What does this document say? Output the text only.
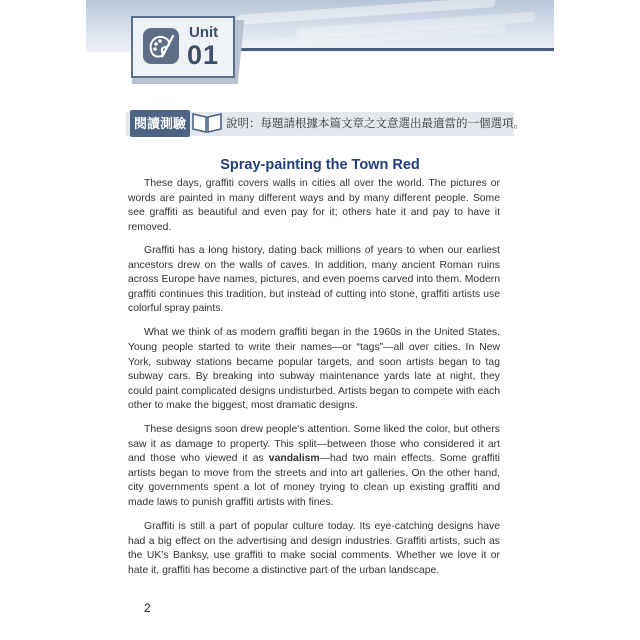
Unit
01
閱讀測驗	說明：每題請根據本篇文章之文意選出最適當的一個選項。
Spray-painting the Town Red

These days, graffiti covers walls in cities all over the world. The pictures or words are painted in many different ways and by many different people. Some see graffiti as beautiful and even pay for it; others hate it and pay to have it removed.

Graffiti has a long history, dating back millions of years to when our earliest ancestors drew on the walls of caves. In addition, many ancient Roman ruins across Europe have names, pictures, and even poems carved into them. Modern graffiti continues this tradition, but instead of cutting into stone, graffiti artists use colorful spray paints.

What we think of as modern graffiti began in the 1960s in the United States. Young people started to write their names—or “tags”—all over cities. In New York, subway stations became popular targets, and soon artists began to tag subway cars. By breaking into subway maintenance yards late at night, they could paint complicated designs undisturbed. Artists began to compete with each other to make the biggest, most dramatic designs.

These designs soon drew people’s attention. Some liked the color, but others saw it as damage to property. This split—between those who considered it art and those who viewed it as vandalism—had two main effects. Some graffiti artists began to move from the streets and into art galleries. On the other hand, city governments spent a lot of money trying to clean up existing graffiti and made laws to punish graffiti artists with fines.

Graffiti is still a part of popular culture today. Its eye-catching designs have had a big effect on the advertising and design industries. Graffiti artists, such as the UK’s Banksy, use graffiti to make social comments. Whether we love it or hate it, graffiti has become a distinctive part of the urban landscape.

2
